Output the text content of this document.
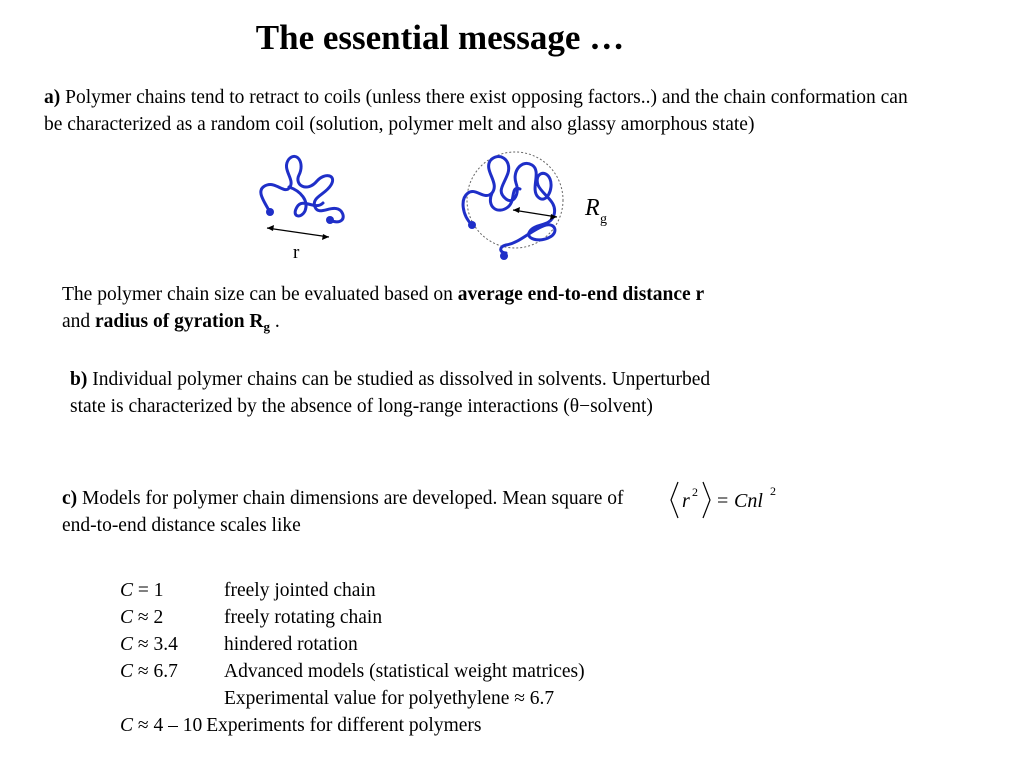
The essential message …
a) Polymer chains tend to retract to coils (unless there exist opposing factors..) and the chain conformation can be characterized as a random coil (solution, polymer melt and also glassy amorphous state)
r
R g
The polymer chain size can be evaluated based on average end-to-end distance r and radius of gyration $R_g$ .
b) Individual polymer chains can be studied as dissolved in solvents. Unperturbed state is characterized by the absence of long-range interactions (θ−solvent)
c) Models for polymer chain dimensions are developed. Mean square of end-to-end distance scales like
r 2 = Cnl 2
C = 1	freely jointed chain
C ≈ 2	freely rotating chain
C ≈ 3.4	hindered rotation
C ≈ 6.7	Advanced models (statistical weight matrices)
Experimental value for polyethylene ≈ 6.7
C ≈ 4 – 10 Experiments for different polymers
